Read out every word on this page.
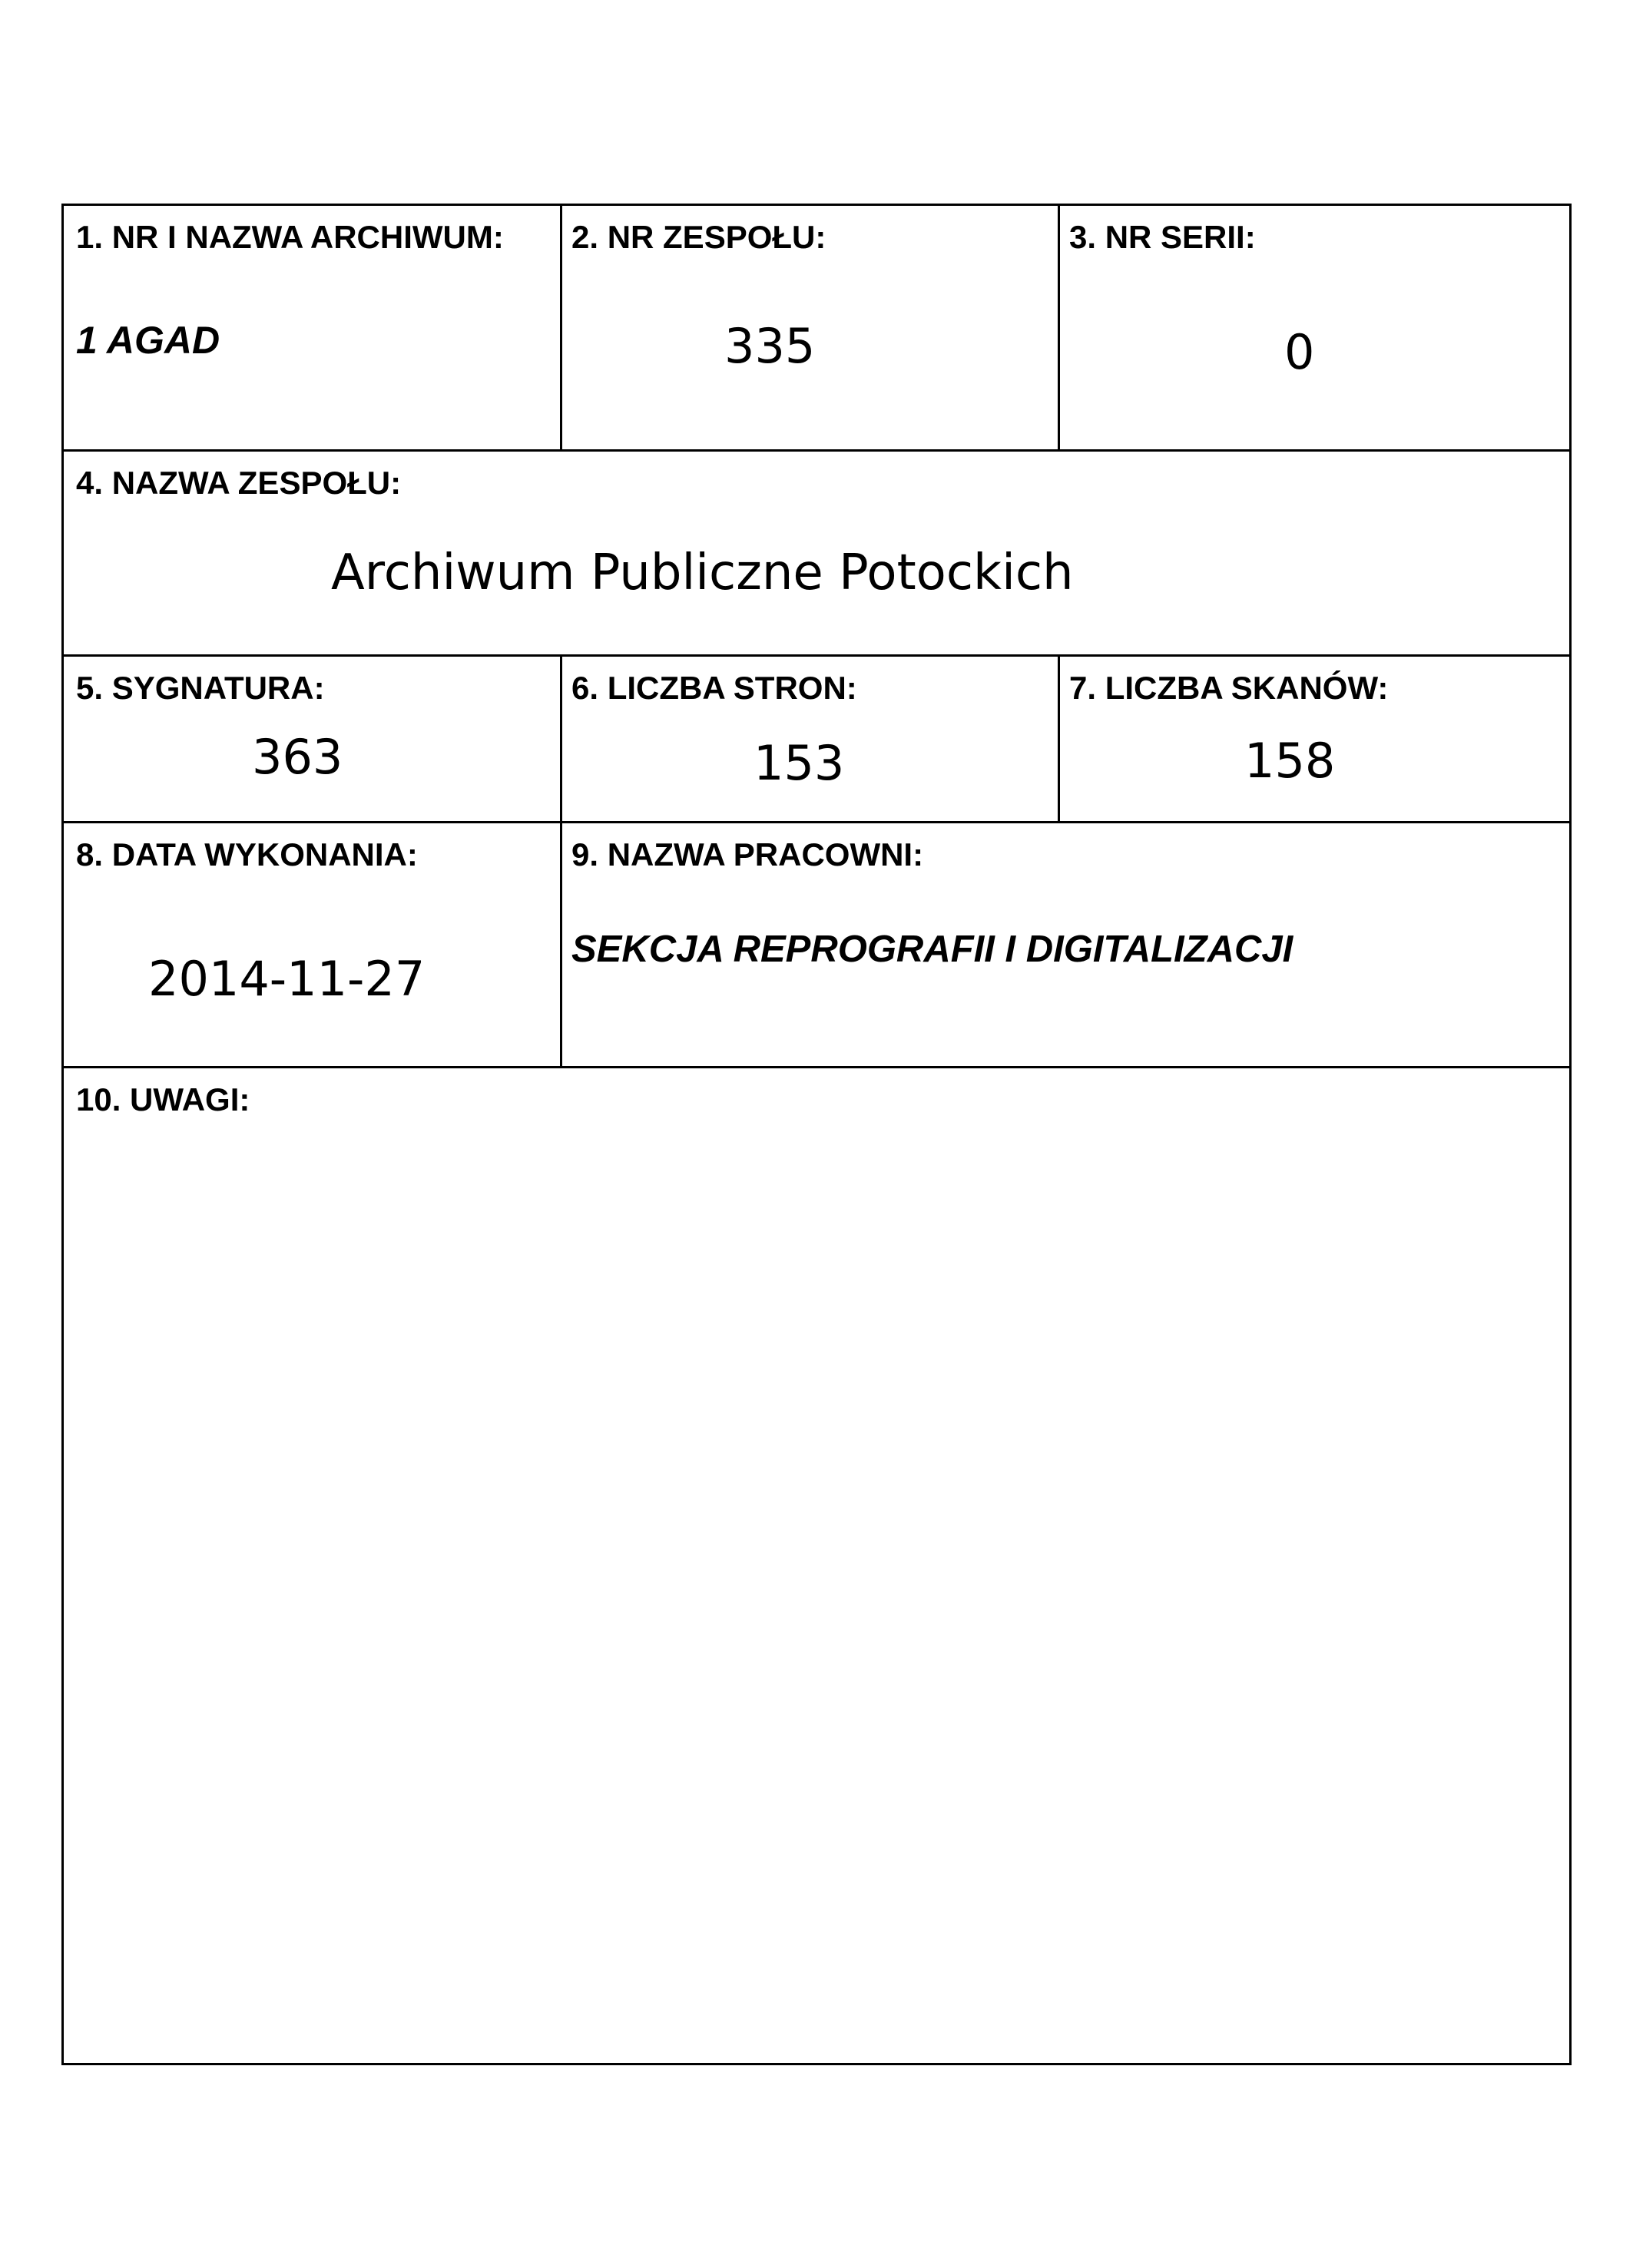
1. NR I NAZWA ARCHIWUM:
1 AGAD
2. NR ZESPOŁU:
335
3. NR SERII:
0
4. NAZWA ZESPOŁU:
Archiwum Publiczne Potockich
5. SYGNATURA:
363
6. LICZBA STRON:
153
7. LICZBA SKANÓW:
158
8. DATA WYKONANIA:
2014-11-27
9. NAZWA PRACOWNI:
SEKCJA REPROGRAFII I DIGITALIZACJI
10. UWAGI:
